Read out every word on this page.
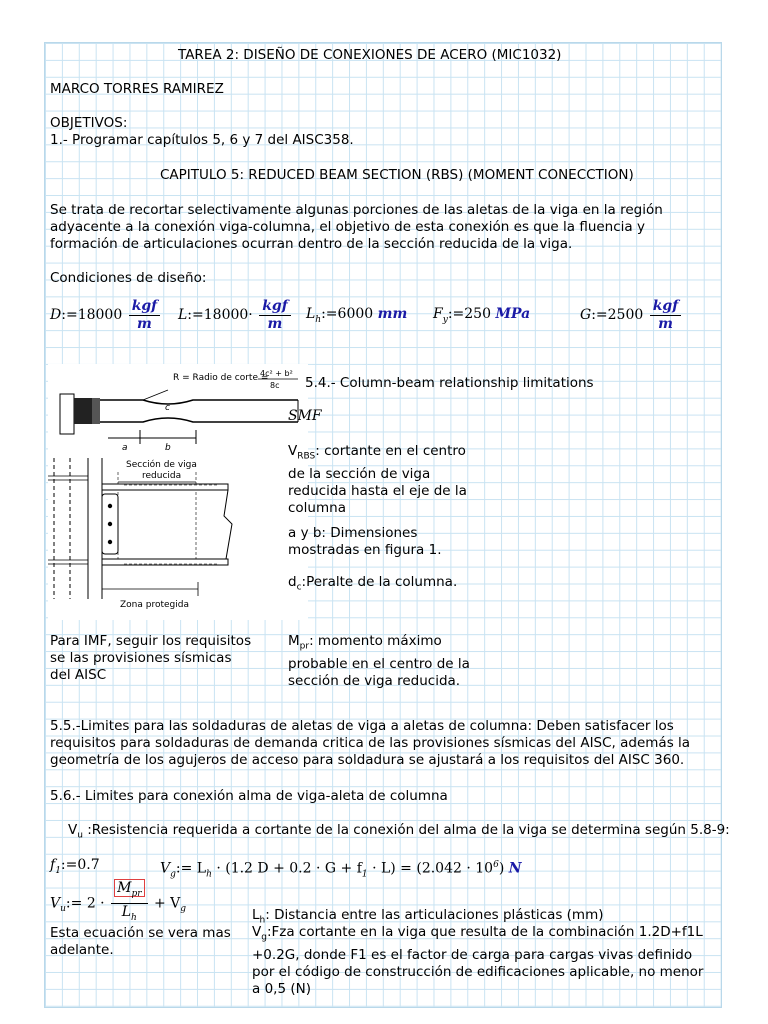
TAREA 2: DISEÑO DE CONEXIONES DE ACERO (MIC1032)
MARCO TORRES RAMIREZ
OBJETIVOS:
1.- Programar capítulos 5, 6 y 7 del AISC358.
CAPITULO 5: REDUCED BEAM SECTION (RBS) (MOMENT CONECCTION)
Se trata de recortar selectivamente algunas porciones de las aletas de la viga en la región adyacente a la conexión viga-columna, el objetivo de esta conexión es que la fluencia y formación de articulaciones ocurran dentro de la sección reducida de la viga.
Condiciones de diseño:
D:=18000 $\frac{\text{kgf}}{m}$ L:=18000· $\frac{\text{kgf}}{m}$ $L_h:=6000$ mm $F_y:=250$ MPa	G:=2500 $\frac{\text{kgf}}{m}$
a	b
c
R = Radio de corte =
4c² + b²
8c
Sección de viga
reducida
Zona protegida
5.4.- Column-beam relationship limitations
SMF
$V_{RBS}$: cortante en el centro de la sección de viga reducida hasta el eje de la columna
a y b: Dimensiones mostradas en figura 1.
$d_c:Peralte$ de la columna.
Para IMF, seguir los requisitos se las provisiones sísmicas del AISC
$M_{pr}$: momento máximo probable en el centro de la sección de viga reducida.
5.5.-Limites para las soldaduras de aletas de viga a aletas de columna: Deben satisfacer los requisitos para soldaduras de demanda critica de las provisiones sísmicas del AISC, además la geometría de los agujeros de acceso para soldadura se ajustará a los requisitos del AISC 360.
5.6.- Limites para conexión alma de viga-aleta de columna
$V_u$ :Resistencia requerida a cortante de la conexión del alma de la viga se determina según 5.8-9:
$f_1:=0.7$	$V_g:= L_h \cdot (1.2$ $D + 0.2 \cdot G + f_1 \cdot L) = (2.042 \cdot 10^6)$ N
$V_u:= 2 \cdot \frac{M_{pr}}{L_h} + V_g$
Esta ecuación se vera mas adelante.
$L_h$: Distancia entre las articulaciones plásticas (mm)
$V_g:Fza$ cortante en la viga que resulta de la combinación 1.2D+f1L +0.2G, donde F1 es el factor de carga para cargas vivas definido por el código de construcción de edificaciones aplicable, no menor a 0,5 (N)
